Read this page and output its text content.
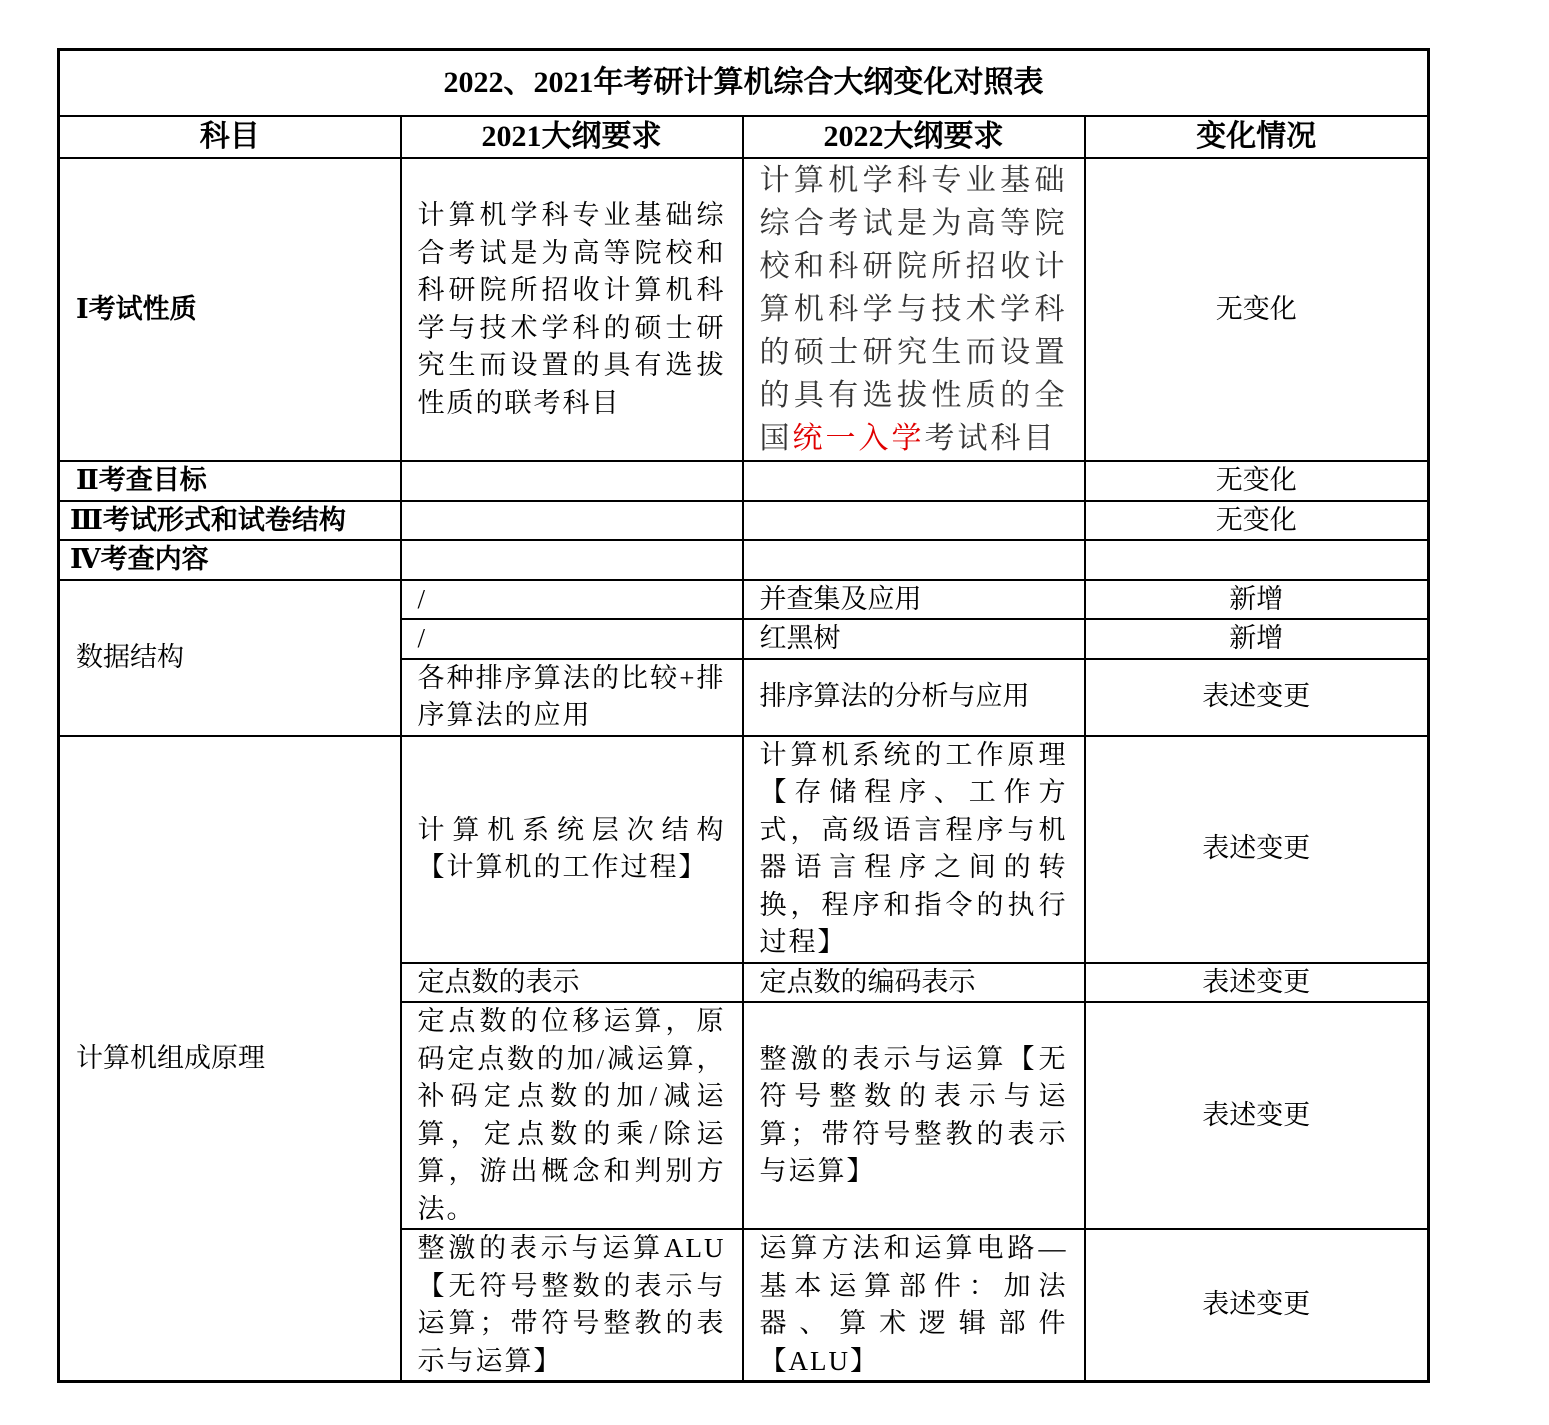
2022、2021年考研计算机综合大纲变化对照表			
科目	2021大纲要求	2022大纲要求	变化情况
Ⅰ考试性质	计算机学科专业基础综合考试是为高等院校和科研院所招收计算机科学与技术学科的硕士研究生而设置的具有选拔性质的联考科目	计算机学科专业基础综合考试是为高等院校和科研院所招收计算机科学与技术学科的硕士研究生而设置的具有选拔性质的全国统一入学考试科目	无变化
Ⅱ考查目标			无变化
Ⅲ考试形式和试卷结构			无变化
Ⅳ考查内容			
数据结构	/	并查集及应用	新增
	/	红黑树	新增
	各种排序算法的比较+排序算法的应用	排序算法的分析与应用	表述变更
计算机组成原理	计算机系统层次结构【计算机的工作过程】	计算机系统的工作原理【存储程序、工作方式，高级语言程序与机器语言程序之间的转换，程序和指令的执行过程】	表述变更
	定点数的表示	定点数的编码表示	表述变更
	定点数的位移运算，原码定点数的加/减运算，补码定点数的加/减运算，定点数的乘/除运算，游出概念和判别方法。	整激的表示与运算【无符号整数的表示与运算；带符号整教的表示与运算】	表述变更
	整激的表示与运算ALU【无符号整数的表示与运算；带符号整教的表示与运算】	运算方法和运算电路—基本运算部件：加法器、算术逻辑部件【ALU】	表述变更
